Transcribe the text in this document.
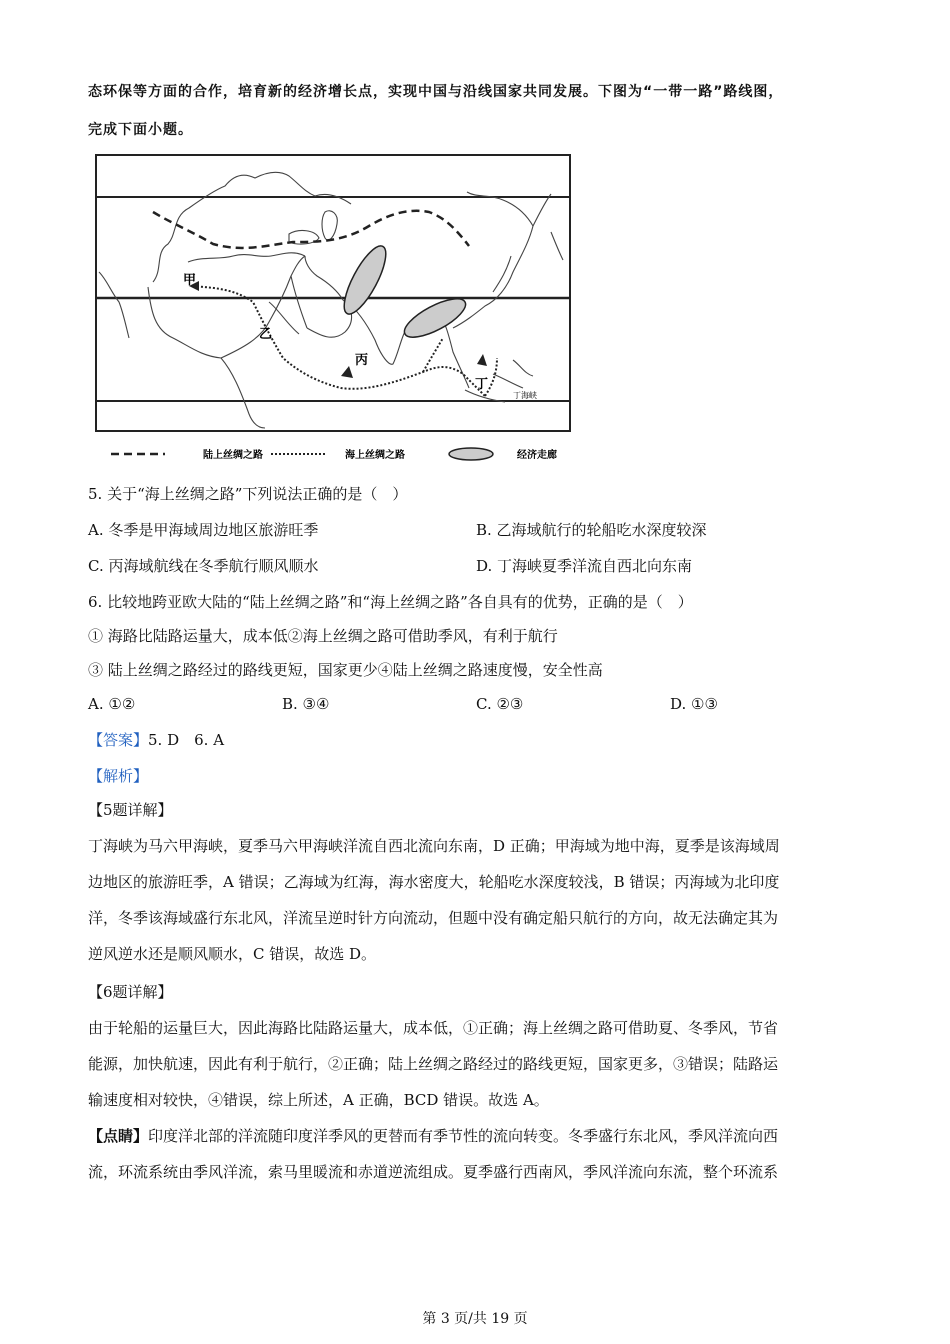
态环保等方面的合作，培育新的经济增长点，实现中国与沿线国家共同发展。下图为“一带一路”路线图，
完成下面小题。
甲
乙
丙
丁
丁海峡
陆上丝绸之路	海上丝绸之路	经济走廊
5. 关于“海上丝绸之路”下列说法正确的是（　）
A. 冬季是甲海域周边地区旅游旺季	B. 乙海域航行的轮船吃水深度较深
C. 丙海域航线在冬季航行顺风顺水	D. 丁海峡夏季洋流自西北向东南
6. 比较地跨亚欧大陆的“陆上丝绸之路”和“海上丝绸之路”各自具有的优势，正确的是（　）
① 海路比陆路运量大，成本低②海上丝绸之路可借助季风，有利于航行
③ 陆上丝绸之路经过的路线更短，国家更少④陆上丝绸之路速度慢，安全性高
A. ①②	B. ③④	C. ②③	D. ①③
【答案】5. D　6. A
【解析】
【5题详解】
丁海峡为马六甲海峡，夏季马六甲海峡洋流自西北流向东南，D 正确；甲海域为地中海，夏季是该海域周
边地区的旅游旺季，A 错误；乙海域为红海，海水密度大，轮船吃水深度较浅，B 错误；丙海域为北印度
洋，冬季该海域盛行东北风，洋流呈逆时针方向流动，但题中没有确定船只航行的方向，故无法确定其为
逆风逆水还是顺风顺水，C 错误，故选 D。
【6题详解】
由于轮船的运量巨大，因此海路比陆路运量大，成本低，①正确；海上丝绸之路可借助夏、冬季风，节省
能源，加快航速，因此有利于航行，②正确；陆上丝绸之路经过的路线更短，国家更多，③错误；陆路运
输速度相对较快，④错误，综上所述，A 正确，BCD 错误。故选 A。
【点睛】印度洋北部的洋流随印度洋季风的更替而有季节性的流向转变。冬季盛行东北风，季风洋流向西
流，环流系统由季风洋流，索马里暖流和赤道逆流组成。夏季盛行西南风，季风洋流向东流，整个环流系
第 3 页/共 19 页
